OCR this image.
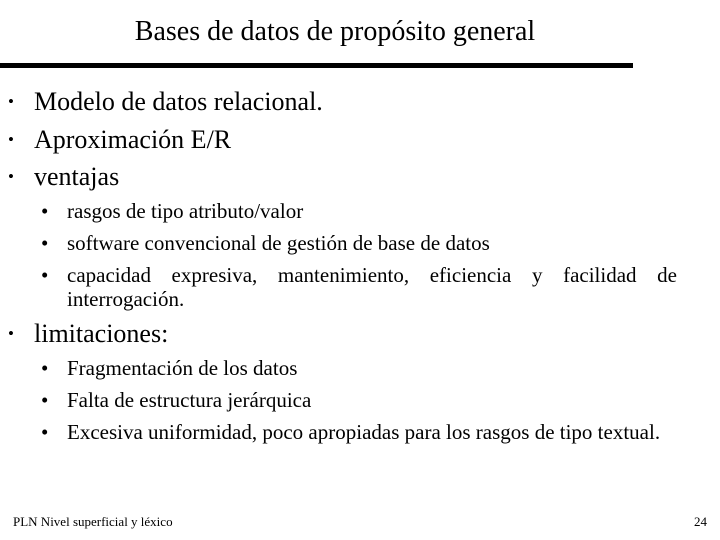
Bases de datos de propósito general
• Modelo de datos relacional.
• Aproximación E/R
• ventajas
• rasgos de tipo atributo/valor
• software convencional de gestión de base de datos
• capacidad expresiva, mantenimiento, eficiencia y facilidad de interrogación.
• limitaciones:
• Fragmentación de los datos
• Falta de estructura jerárquica
• Excesiva uniformidad, poco apropiadas para los rasgos de tipo textual.
PLN Nivel superficial y léxico	24
